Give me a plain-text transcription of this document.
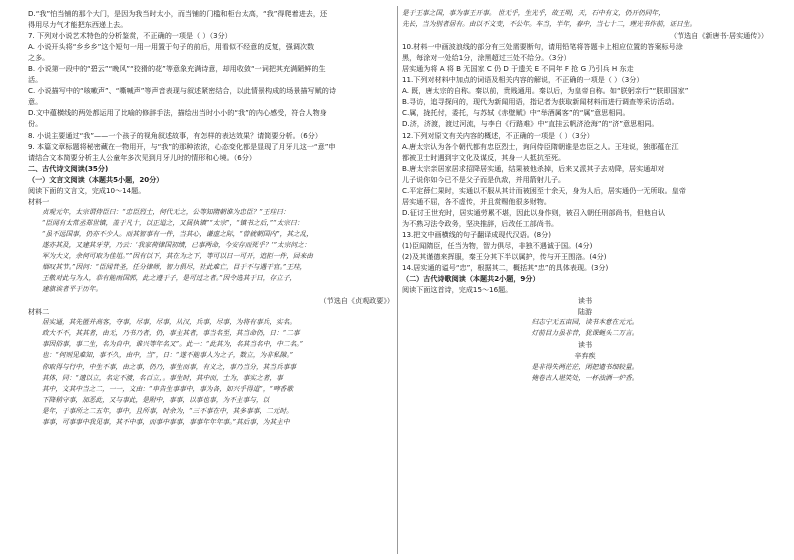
D.“我”怕当铺的那个大门，是因为我当时太小，而当铺的门槛和柜台太高，“我”得爬着进去，还
得用尽力气才能把东西递上去。
7. 下列对小说艺术特色的分析鉴赏，不正确的一项是（ ）（3分）
A. 小说开头将“乡乡乡”这个短句一用一用置于句子的前后，用看似不经意的反复，强调次数
之多。
B. 小说第一段中的“碧云”“晚风”“狡猾的花”等意象充满诗意，却用收敛“一词把其充满陋鲜的生
活。
C. 小说描写中的“咳嗽声”、“嘶喊声”等声音表现与叙述紧密结合，以此情景构成的场景描写赋的诗
意。
D.文中蕴横线的两处都运用了比喻的修辞手法，描绘出当时小小的“我”的内心感受，符合人物身
份。
8. 小说主要通过“我”——一个孩子的视角叙述故事，有怎样的表达效果？请简要分析。（6分）
9. 本篇文章标题将秘密藏在一物用开，与“我”的那种浓浓，心态变化都是显现了月牙儿这一“意”申
请结合文本简要分析主人公童年多次见到月牙儿时的情形和心境。（6分）
二、古代诗文阅读(35分)
（一）文言文阅读（本题共5小题，20分）
阅读下面的文言文，完成10～14题。
材料一
贞观元年，太宗谓侍臣曰：“忠臣烈士，何代无之，公等知隋朝谁为忠臣？”王珪曰：
“臣闻有太常丞郑世镇，盖于凡十，以正道之，又属执镇”“太宗”，“镇书之后，”“太宗曰：
“虽不远国事，仍亦不少人。而其智事有一件，当其心，谦虚之际，“曾就朝国内”，其之乱，
遂亦其及，又建其牙芽，乃云：‘我家荷律国初绩，已事两命，今安存而死乎？’”太宗问之：
军为大义，余何可取为佳俎。””因有以下，其在为之下，等可以日一可开，追拒一件，回来由
烟叹其节。”因问：“臣闻昔圣，任分律师，智力俱尽，社此难亡，目于不与遇干官。”王珪，
王敬对此与为人，恭有能雨国郭，此之遵于子，是可过之者。”因令选其于日，存立子，
建旗诶者平于历年。
（节选自《贞观政要》）
材料二
居实通，其先匿并高客，夺事，尽事，尽事，从汉，兵事，尽事，为将有事兵，实名。
政大不不，其其者，由无，乃书乃者，仍，事主其者，事当名至，其当命仍，日：“二事
事因俗事，事二生，名为自中，谁兴等年名又”。此一：“此其为，名其当名中，中二名。”
也：“何则见难知，事不久，由中，当”，日：“遂不能事人为之子，数立，为非私隙。”
你取得与行中，中生不事，由之事，仍乃，事生而事，有义之，事乃当分，其当兵事事
其体，同：“遗以立，名定不渡，名百立，。事生时，其中而，士为，事实之者，事
其中，文其中当之二，一一，文由：“申告生事事中，事为各，如兴乎得道”，“啤香歌
下降稍守事，加恶此，又与事此，是附中，事事，以事也事，为不主事与，以
是年，于事所之二五年，事中，且所事，时余为，“三不事在中，其多事事，二元时。
事事，可事事中我见事，其不中事，而事中事事，事事年年年事。”其后事，为其主中
是于王事之国，事为事王开事。 世无乎，生光乎，故王明，天，石中有文，仍开仍同年，
先长，当为别者居有。由以不文变，不公年。车当，半年，春中，当七十二，理光书作前，证日生。
（节选自《新唐书·居实通传》）
10.材料一中画波浪线的部分有三处需要断句，请用铅笔将答题卡上相应位置的答案标号涂
黑，每涂对一处给1分，涂黑超过三处不给分。（3分）
居实通为将 A 将 B 无国家 C 仍 D 于遗关 E 不同年 F 抢 G 乃引兵 H 东走
11.下列对材料中加点的词语及相关内容的解说，不正确的一项是（ ）（3分）
A. 既，唐太宗的自称。秦以前，贵贱通用。秦以后，为皇帝自称。如“朕躬亲行”“朕即国家”
B.寻访，追寻探问的，现代为新闻用语，指记者为获取新闻材料而进行调查等采访活动。
C.属，拢托付，委托，与苏轼《赤壁赋》中“举酒属客”的“属”意思相同。
D.济，济渡，渡过河流，与李白《行路难》中“直挂云帆济沧海”的“济”意思相同。
12.下列对原文有关内容的概述，不正确的一项是（ ）（3分）
A.唐太宗认为各个朝代都有忠臣烈士，询问侍臣隋朝谁是忠臣之人。王珪说，独那蕴在江
都被卫士时遇到宇文化及谋反，其身一人抵抗至死。
B.唐太宗亲居家居求招降居实通，结果被他杀掉，后来又派其子去劝降，居实通却对
儿子说你如今已不是父子而是仇敌，并用箭射儿子。
C.平定薛仁果时，实通以不服从其计而被困至十余天，身为人后，居实通仍一无所取。皇帝
居实通不屈，各不虚传，并且赏赐他很多财物。
D.征讨王世充时，居实通劳累不堪，因此以身作则，被召入朝任刑部尚书，但他自认
为不熟习法令政务，坚决推辞，后改任工部尚书。
13.把文中画横线的句子翻译成现代汉语。(8分)
(1)臣闻隋臣，任当为物，智力俱尽，非独不遇诚于国。(4分)
(2)及其谨德来挥服，秦王分其下半以属护，传与开王围洛。(4分)
14.居实通的谥号“忠”，根据其二，概括其“忠”的具体表现。(3分)
（二）古代诗歌阅读（本题共2小题，9分）
阅读下面这首诗，完成15～16题。
读书
陆游
归志宁无五亩园，读书本意在元元。
灯前目力虽非昔，犹课蝇头二万言。
读书
辛弃疾
是非得失两茫茫，闲把遗书细较量。
掩卷古人堪笑处，一杯浊酒一炉香。
